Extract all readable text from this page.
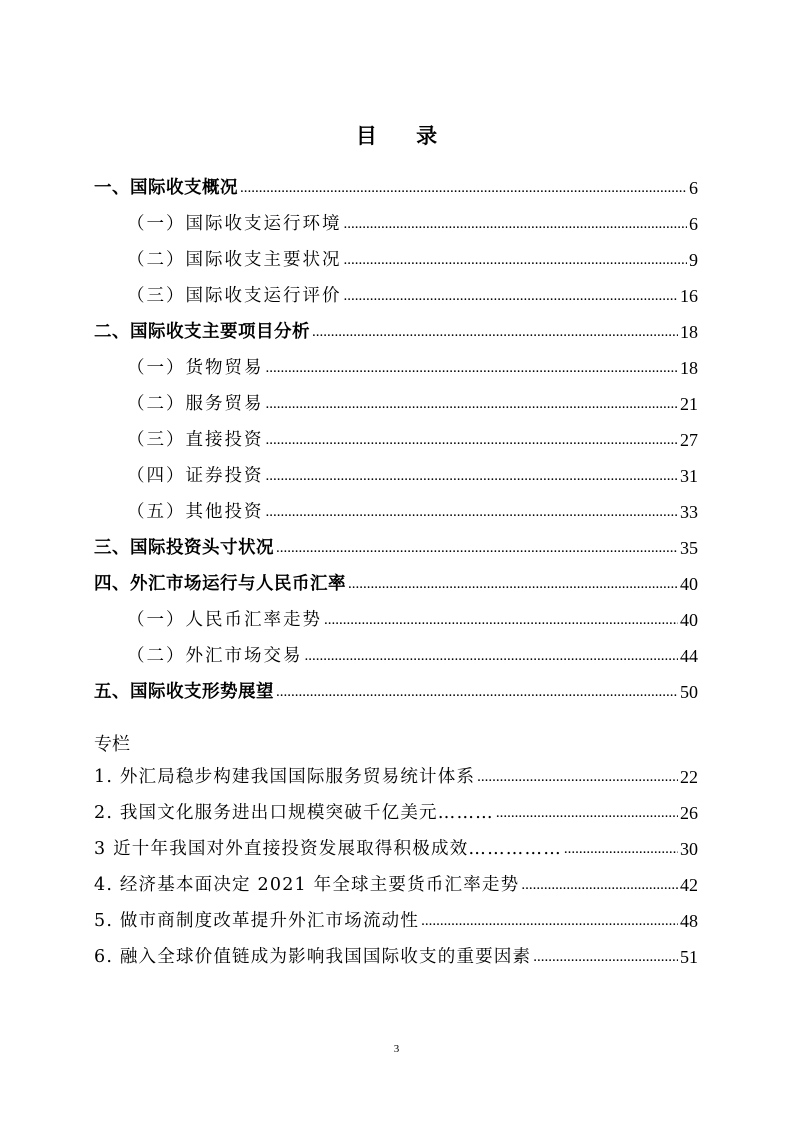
目 录
一、国际收支概况 .....	6
（一）国际收支运行环境 .....	6
（二）国际收支主要状况 .....	9
（三）国际收支运行评价 .....	16
二、国际收支主要项目分析 .....	18
（一）货物贸易 .....	18
（二）服务贸易 .....	21
（三）直接投资 .....	27
（四）证券投资 .....	31
（五）其他投资 .....	33
三、国际投资头寸状况 .....	35
四、外汇市场运行与人民币汇率 .....	40
（一）人民币汇率走势 .....	40
（二）外汇市场交易 .....	44
五、国际收支形势展望 .....	50
专栏
1. 外汇局稳步构建我国国际服务贸易统计体系 .....	22
2. 我国文化服务进出口规模突破千亿美元……… .....	26
3 近十年我国对外直接投资发展取得积极成效…………… .....	30
4. 经济基本面决定 2021 年全球主要货币汇率走势 .....	42
5. 做市商制度改革提升外汇市场流动性 .....	48
6. 融入全球价值链成为影响我国国际收支的重要因素 .....	51
3
